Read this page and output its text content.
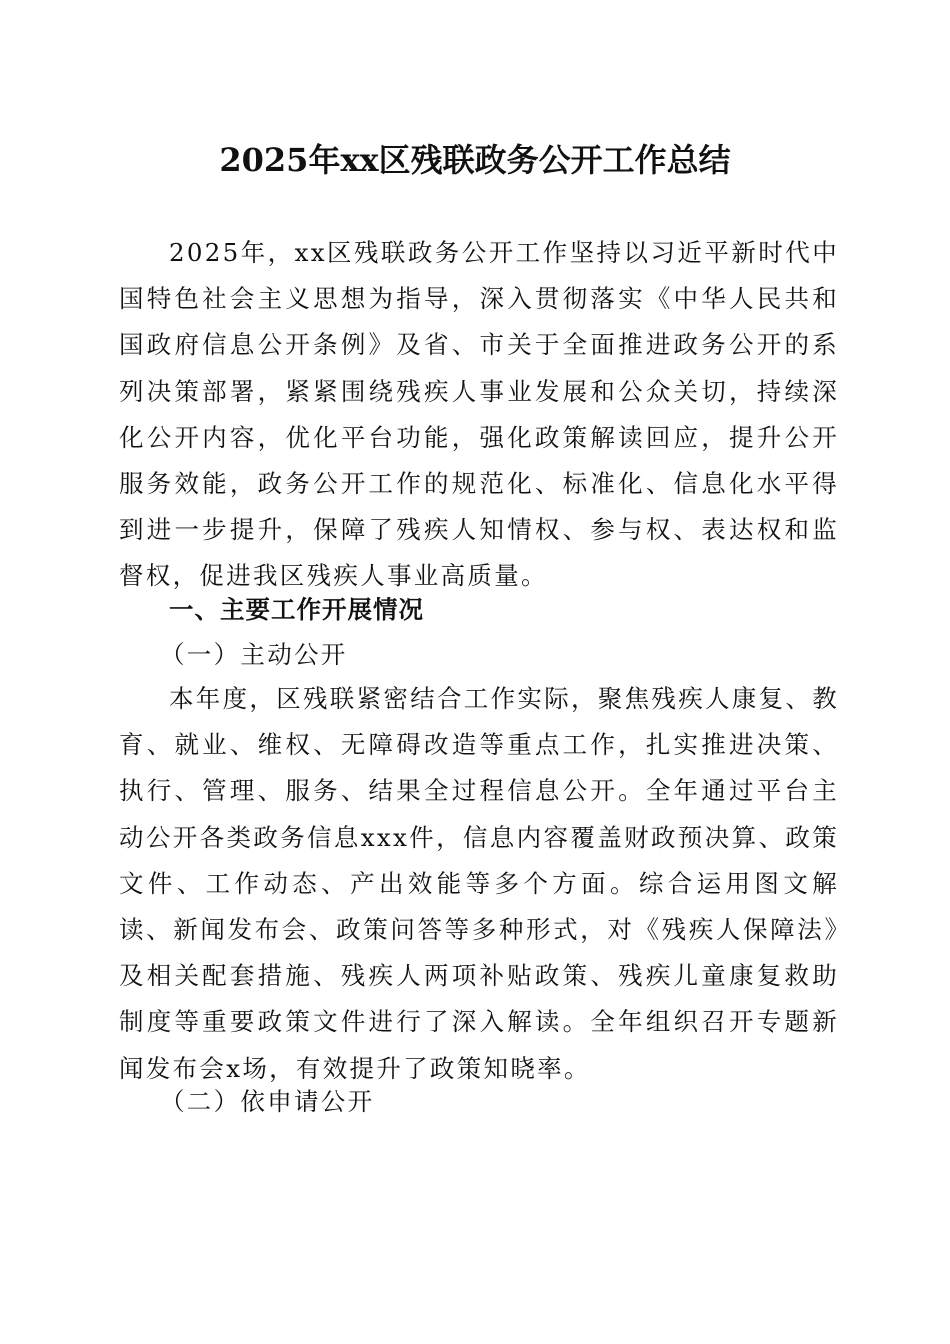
2025年xx区残联政务公开工作总结

2025年，xx区残联政务公开工作坚持以习近平新时代中国特色社会主义思想为指导，深入贯彻落实《中华人民共和国政府信息公开条例》及省、市关于全面推进政务公开的系列决策部署，紧紧围绕残疾人事业发展和公众关切，持续深化公开内容，优化平台功能，强化政策解读回应，提升公开服务效能，政务公开工作的规范化、标准化、信息化水平得到进一步提升，保障了残疾人知情权、参与权、表达权和监督权，促进我区残疾人事业高质量。

一、主要工作开展情况
（一）主动公开

本年度，区残联紧密结合工作实际，聚焦残疾人康复、教育、就业、维权、无障碍改造等重点工作，扎实推进决策、执行、管理、服务、结果全过程信息公开。全年通过平台主动公开各类政务信息xxx件，信息内容覆盖财政预决算、政策文件、工作动态、产出效能等多个方面。综合运用图文解读、新闻发布会、政策问答等多种形式，对《残疾人保障法》及相关配套措施、残疾人两项补贴政策、残疾儿童康复救助制度等重要政策文件进行了深入解读。全年组织召开专题新闻发布会x场，有效提升了政策知晓率。

（二）依申请公开
